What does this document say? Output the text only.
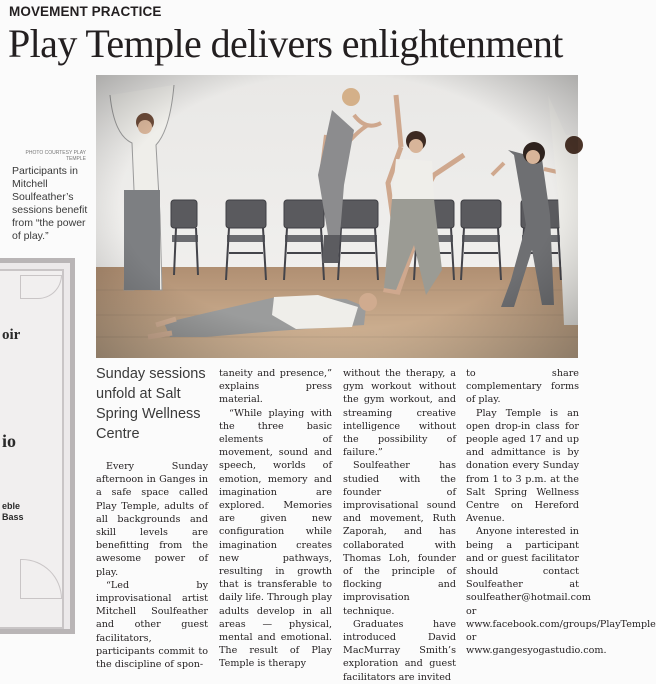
MOVEMENT PRACTICE
Play Temple delivers enlightenment
PHOTO COURTESY PLAY TEMPLE
Participants in Mitchell Soulfeather’s sessions benefit from “the power of play.”
oir
io
eble
Bass
Sunday sessions unfold at Salt Spring Wellness Centre

Every Sunday afternoon in Ganges in a safe space called Play Temple, adults of all backgrounds and skill levels are benefitting from the awesome power of play.

“Led by improvisational artist Mitchell Soulfeather and other guest facilitators, participants commit to the discipline of spon-

taneity and presence,” explains press material.

“While playing with the three basic elements of movement, sound and speech, worlds of emotion, memory and imagination are explored. Memories are given new configuration while imagination creates new pathways, resulting in growth that is transferable to daily life. Through play adults develop in all areas — physical, mental and emotional. The result of Play Temple is therapy

without the therapy, a gym workout without the gym workout, and streaming creative intelligence without the possibility of failure.”

Soulfeather has studied with the founder of improvisational sound and movement, Ruth Zaporah, and has collaborated with Thomas Loh, founder of the principle of flocking and improvisation technique.

Graduates have introduced David MacMurray Smith’s exploration and guest facilitators are invited

to share complementary forms of play.

Play Temple is an open drop-in class for people aged 17 and up and admittance is by donation every Sunday from 1 to 3 p.m. at the Salt Spring Wellness Centre on Hereford Avenue.

Anyone interested in being a participant and or guest facilitator should contact Soulfeather at soulfeather@hotmail.com or www.facebook.com/groups/PlayTemple or www.gangesyogastudio.com.
